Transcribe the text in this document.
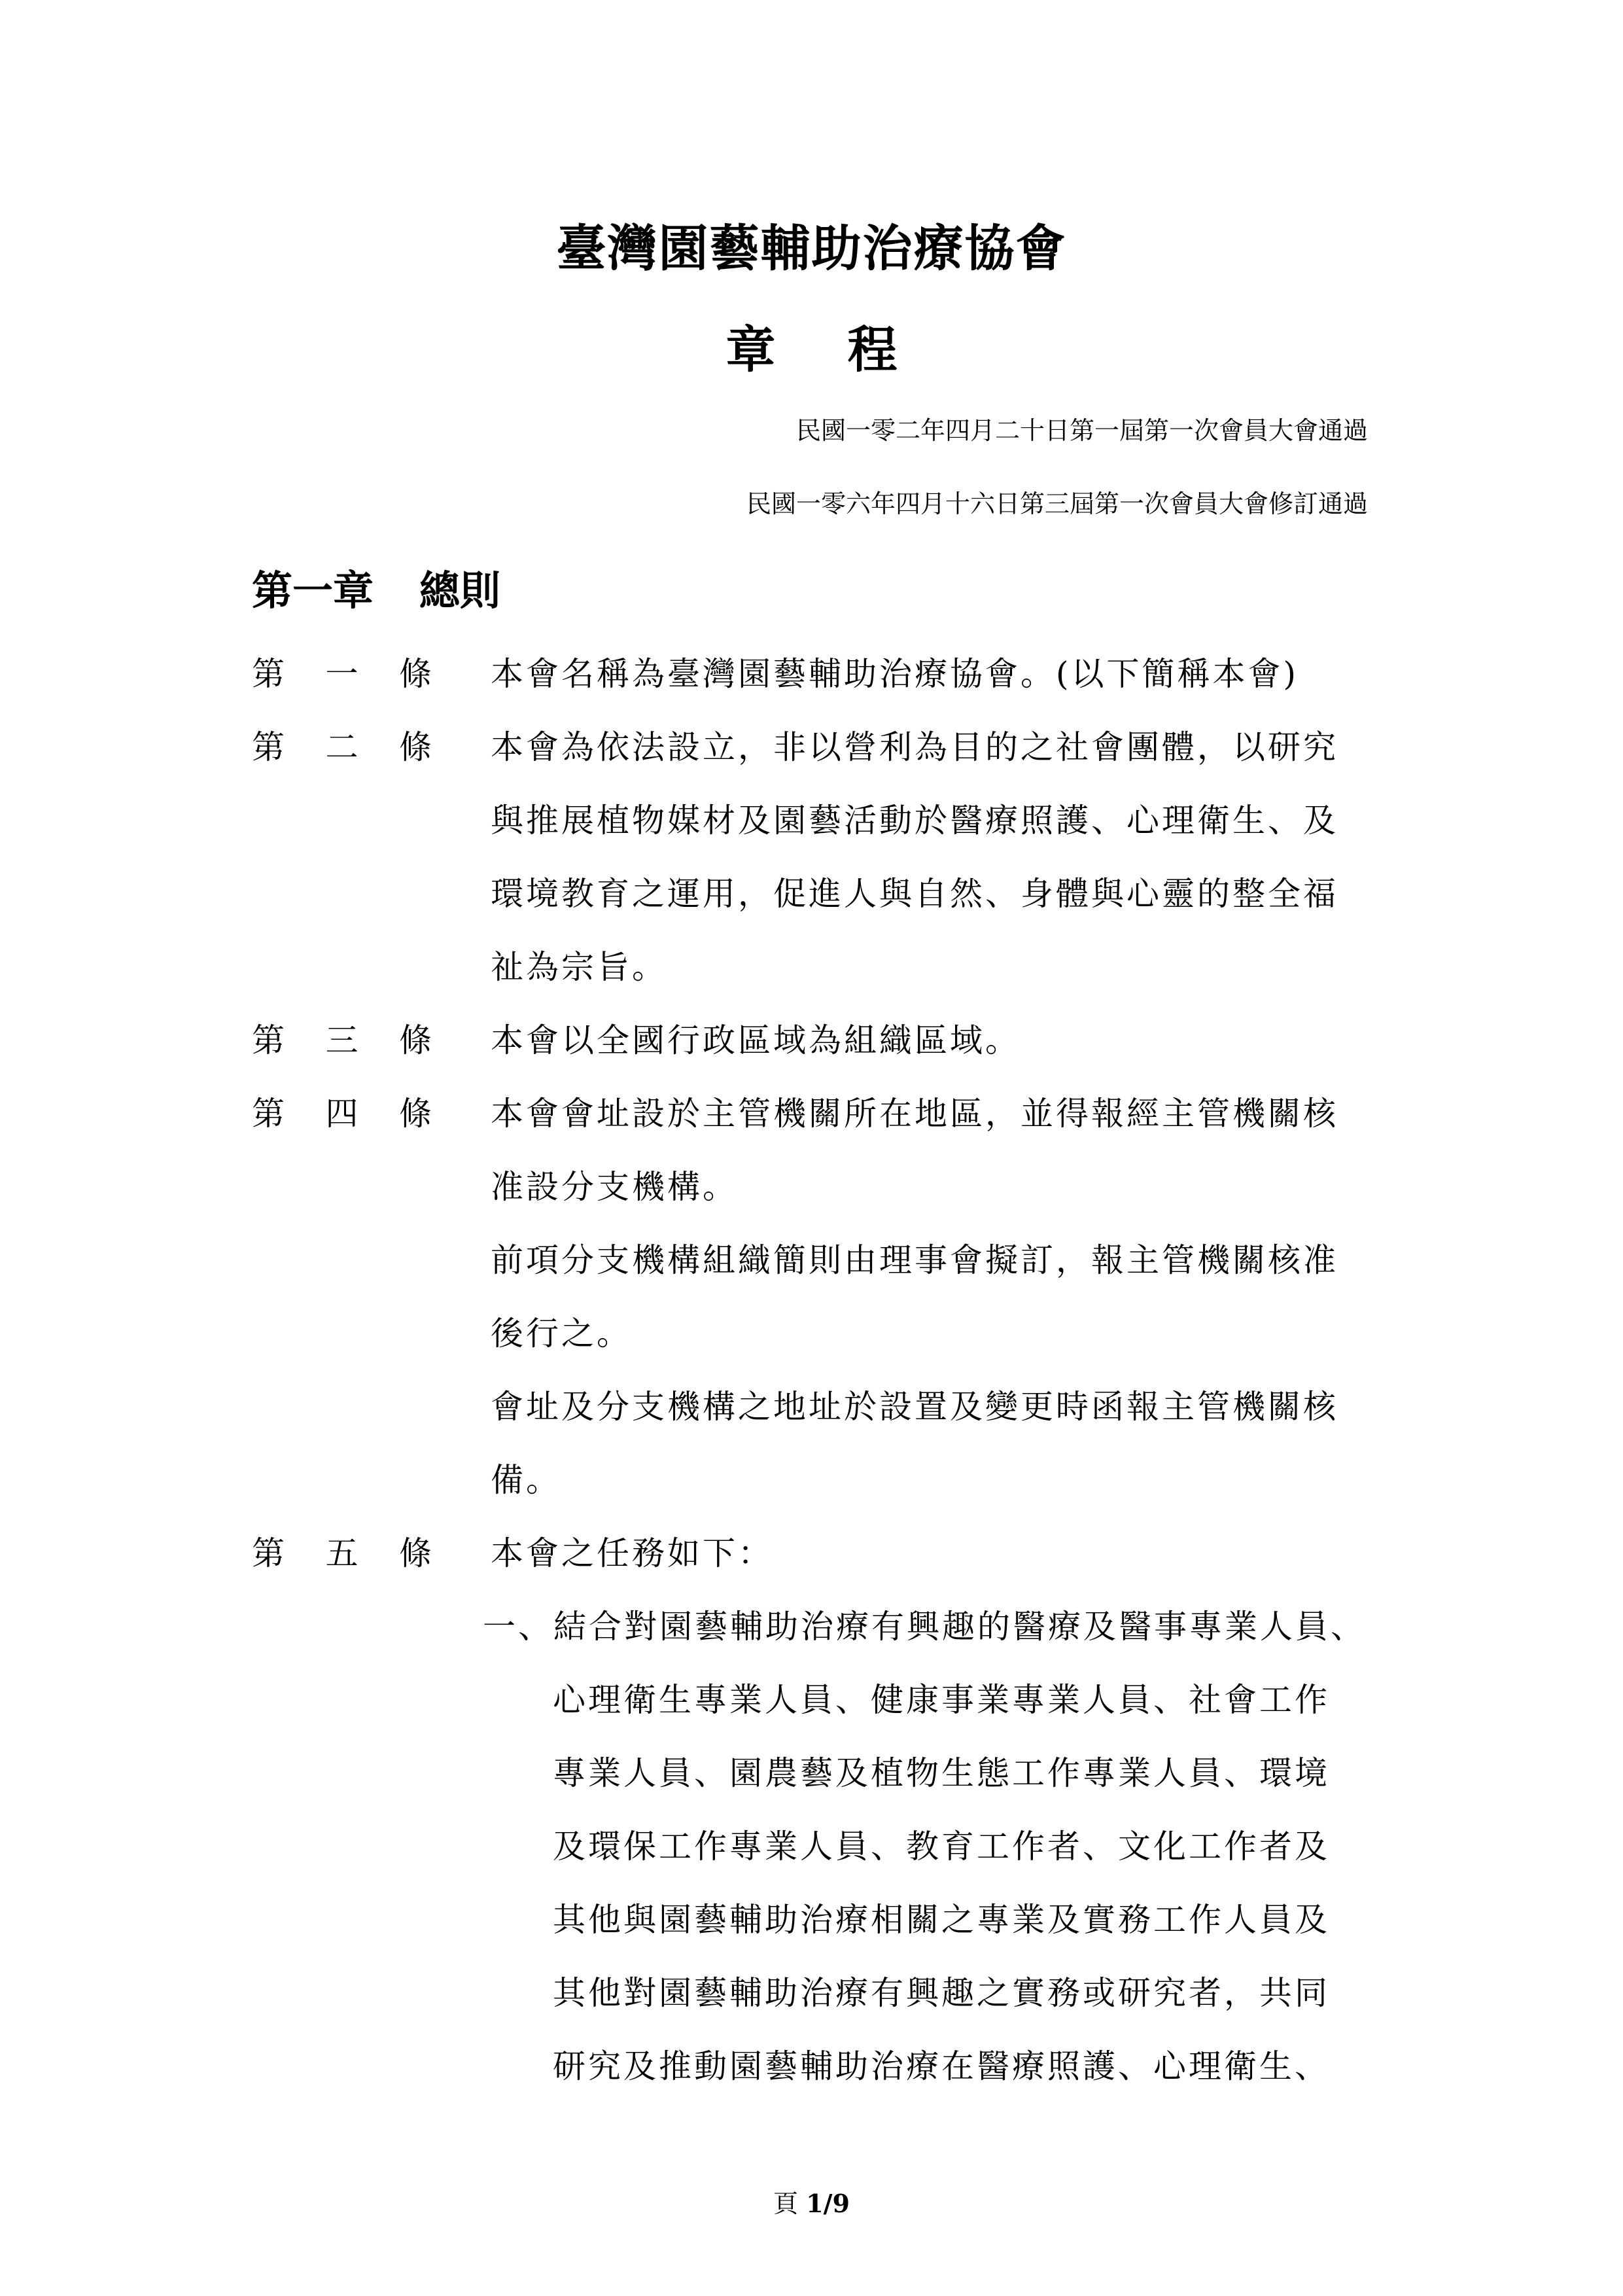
臺灣園藝輔助治療協會
章 程
民國一零二年四月二十日第一屆第一次會員大會通過
民國一零六年四月十六日第三屆第一次會員大會修訂通過
第一章 總則
第 一 條 本會名稱為臺灣園藝輔助治療協會。(以下簡稱本會)
第 二 條 本會為依法設立，非以營利為目的之社會團體，以研究
與推展植物媒材及園藝活動於醫療照護、心理衛生、及
環境教育之運用，促進人與自然、身體與心靈的整全福
祉為宗旨。
第 三 條 本會以全國行政區域為組織區域。
第 四 條 本會會址設於主管機關所在地區，並得報經主管機關核
准設分支機構。
前項分支機構組織簡則由理事會擬訂，報主管機關核准
後行之。
會址及分支機構之地址於設置及變更時函報主管機關核
備。
第 五 條 本會之任務如下：
一、結合對園藝輔助治療有興趣的醫療及醫事專業人員、
心理衛生專業人員、健康事業專業人員、社會工作
專業人員、園農藝及植物生態工作專業人員、環境
及環保工作專業人員、教育工作者、文化工作者及
其他與園藝輔助治療相關之專業及實務工作人員及
其他對園藝輔助治療有興趣之實務或研究者，共同
研究及推動園藝輔助治療在醫療照護、心理衛生、
頁 1/9
